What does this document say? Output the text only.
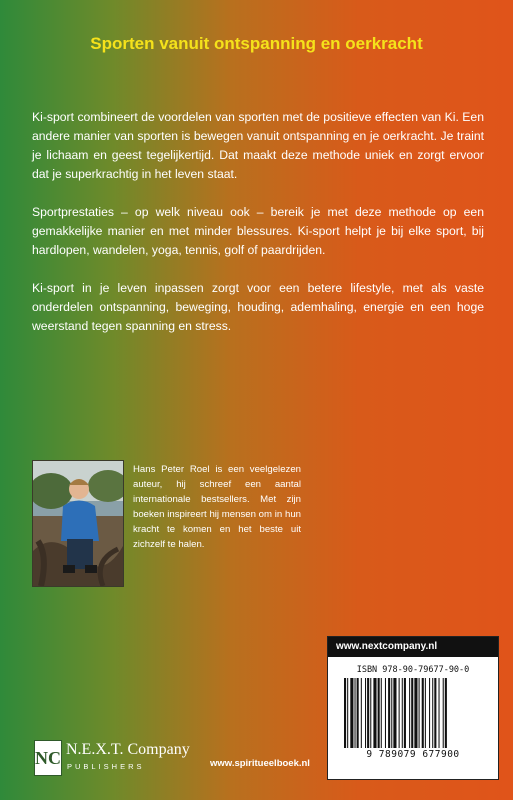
Sporten vanuit ontspanning en oerkracht

Ki-sport combineert de voordelen van sporten met de positieve effecten van Ki. Een andere manier van sporten is bewegen vanuit ontspanning en je oerkracht. Je traint je lichaam en geest tegelijkertijd. Dat maakt deze methode uniek en zorgt ervoor dat je superkrachtig in het leven staat.

Sportprestaties – op welk niveau ook – bereik je met deze methode op een gemakkelijke manier en met minder blessures. Ki-sport helpt je bij elke sport, bij hardlopen, wandelen, yoga, tennis, golf of paardrijden.

Ki-sport in je leven inpassen zorgt voor een betere lifestyle, met als vaste onderdelen ontspanning, beweging, houding, ademhaling, energie en een hoge weerstand tegen spanning en stress.

Hans Peter Roel is een veelgelezen auteur, hij schreef een aantal internationale bestsellers. Met zijn boeken inspireert hij mensen om in hun kracht te komen en het beste uit zichzelf te halen.
www.nextcompany.nl
ISBN 978-90-79677-90-0
9 789079 677900
NC N.E.X.T. Company
PUBLISHERS	www.spiritueelboek.nl
